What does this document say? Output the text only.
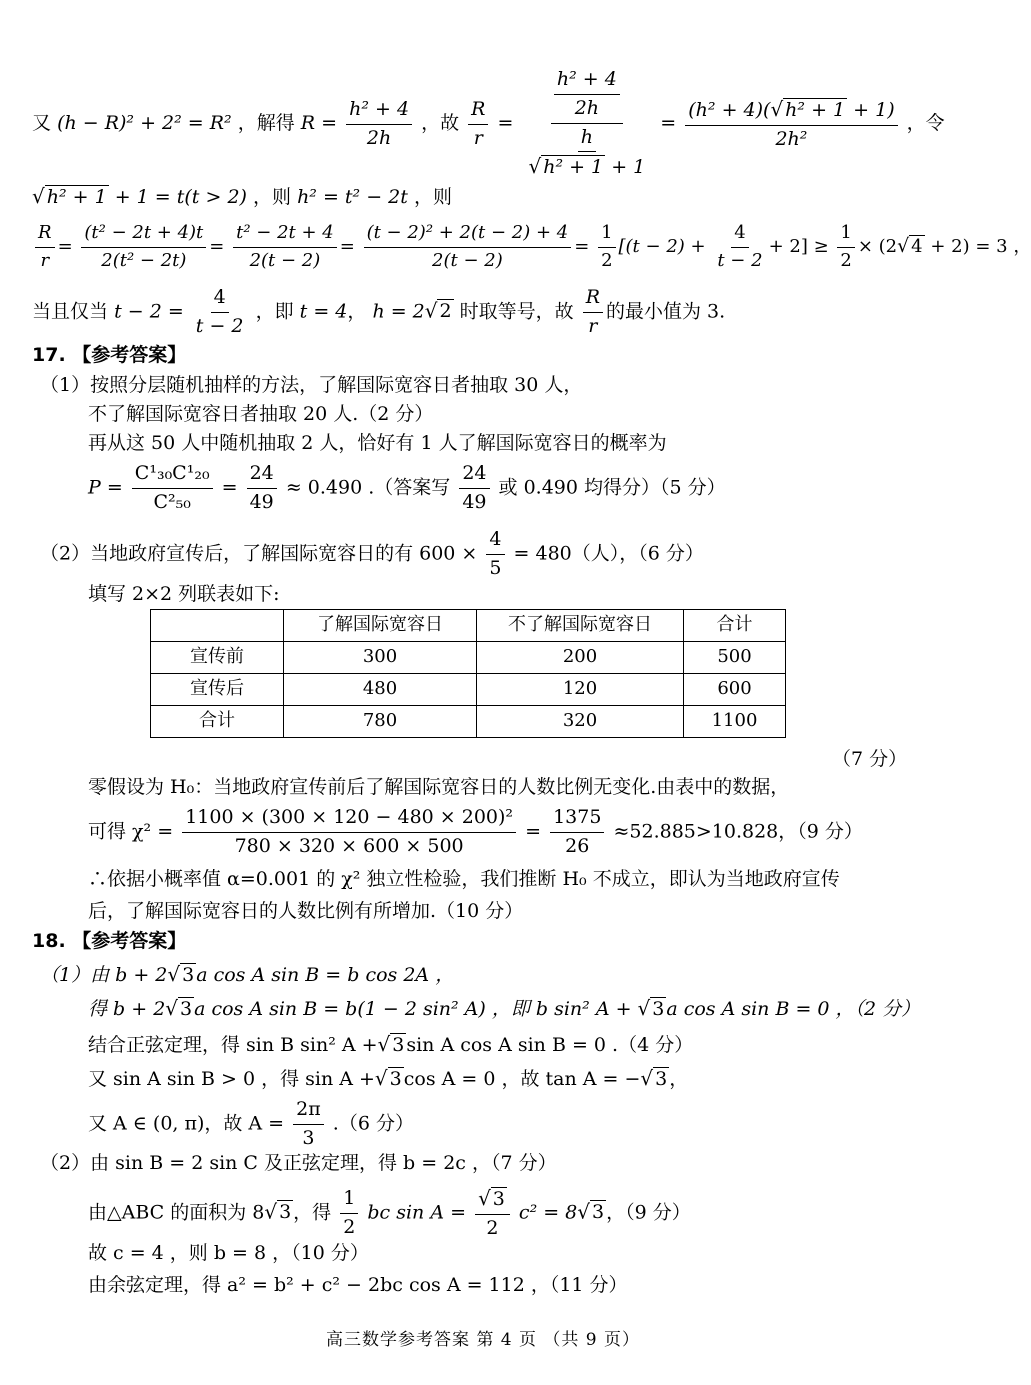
又 (h − R)² + 2² = R² ，解得 $R = \frac{\text{h² + 4}}{2h}$ ，故 $\frac{R}{r} = \frac{\frac{\text{h² + 4}}{2h}}{\frac{h}{\text{√ h² + 1 + 1}}} = \frac{\text{(h² + 4)(√ h² + 1 + 1)}}{\text{2h²}}$ ，令
√ h² + 1 + 1 = t(t > 2) ，则 h² = t² − 2t ，则
$\frac{R}{r} = \frac{\text{(t² − 2t + 4)t}}{\text{2(t² − 2t)}} = \frac{\text{t² − 2t + 4}}{2(t - 2)} = \frac{\text{(t − 2)² + 2(t − 2) + 4}}{2(t - 2)} = \frac{1}{2} [(t - 2) + \frac{4}{t - 2} + 2] \ge \frac{1}{2} \times (2√$ 4 + 2) = 3 ，
当且仅当 $t - 2 = \frac{4}{t - 2}$ ，即 t = 4， h = 2√ 2 时取等号，故 $\frac{R}{r}$ 的最小值为 3.
17. 【参考答案】
（1）按照分层随机抽样的方法，了解国际宽容日者抽取 30 人，
不了解国际宽容日者抽取 20 人.（2 分）
再从这 50 人中随机抽取 2 人，恰好有 1 人了解国际宽容日的概率为
$P = \frac{\text{C¹₃₀C¹₂₀}}{\text{C²₅₀}} = \frac{24}{49} \approx 0.490$ .（答案写 $\frac{24}{49}$ 或 0.490 均得分）（5 分）
（2）当地政府宣传后，了解国际宽容日的有 $600 \times \frac{4}{5} = 480$（人），（6 分）
填写 2×2 列联表如下:
	了解国际宽容日	不了解国际宽容日	合计
宣传前	300	200	500
宣传后	480	120	600
合计	780	320	1100
（7 分）
零假设为 H₀：当地政府宣传前后了解国际宽容日的人数比例无变化.由表中的数据，
可得 $\chi^2 = \frac{\text{1100 × (300 × 120 − 480 × 200)²}}{780 \times 320 \times 600 \times 500} = \frac{1375}{26} \approx 52.885>10.828$，（9 分）
∴依据小概率值 α=0.001 的 χ² 独立性检验，我们推断 H₀ 不成立，即认为当地政府宣传
后，了解国际宽容日的人数比例有所增加.（10 分）
18. 【参考答案】
（1）由 b + 2√ 3 a cos A sin B = b cos 2A ，
得 b + 2√ 3 a cos A sin B = b(1 − 2 sin² A) ，即 b sin² A + √ 3 a cos A sin B = 0 ，（2 分）
结合正弦定理，得 sin B sin² A +√ 3 sin A cos A sin B = 0 .（4 分）
又 sin A sin B > 0 ，得 sin A +√ 3 cos A = 0 ，故 tan A = −√ 3 ，
又 A ∈ (0, π)，故 $A = \frac{2\pi}{3} .(6$ 分）
（2）由 sin B = 2 sin C 及正弦定理，得 b = 2c ，（7 分）
由△ABC 的面积为 8√ 3 ，得 $\frac{1}{2}$ bc $\sin A = \frac{√ 3}{2} c^2 = 8√$ 3 ，（9 分）
故 c = 4 ，则 b = 8 ，（10 分）
由余弦定理，得 a² = b² + c² − 2bc cos A = 112 ，（11 分）
高三数学参考答案 第 4 页 （共 9 页）
